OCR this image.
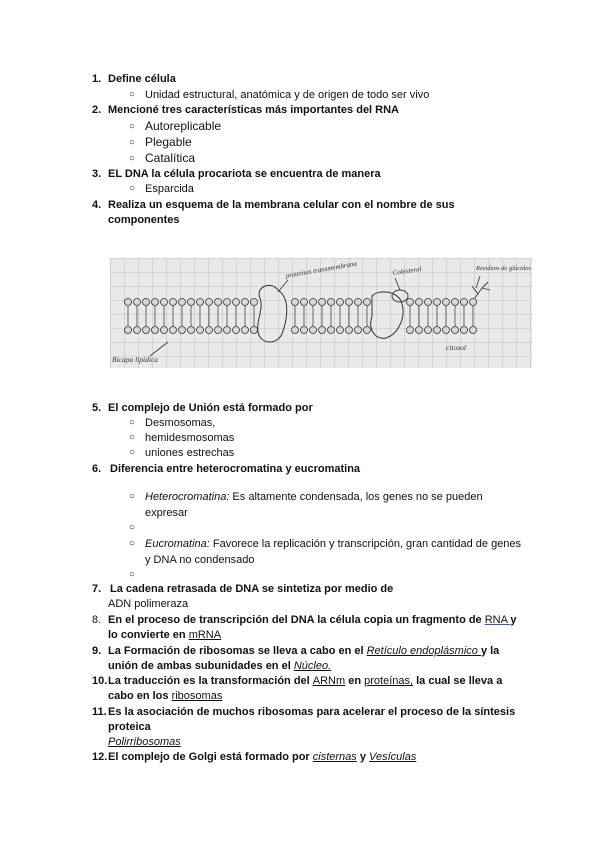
1. Define célula
○ Unidad estructural, anatómica y de origen de todo ser vivo
2. Mencioné tres características más importantes del RNA
○ Autoreplicable
○ Plegable
○ Catalítica
3. EL DNA la célula procariota se encuentra de manera
○ Esparcida
4. Realiza un esquema de la membrana celular con el nombre de sus
componentes
proteínas transmembrana	Colesterol	Residuos de glúcidos
Bicapa lipídica
citosol
5. El complejo de Unión está formado por
○ Desmosomas,
○ hemidesmosomas
○ uniones estrechas
6. Diferencia entre heterocromatina y eucromatina
○ Heterocromatina: Es altamente condensada, los genes no se pueden
expresar
○
○ Eucromatina: Favorece la replicación y transcripción, gran cantidad de genes
y DNA no condensado
○
7. La cadena retrasada de DNA se sintetiza por medio de
ADN polimeraza
8. En el proceso de transcripción del DNA la célula copia un fragmento de RNA y
lo convierte en mRNA
9. La Formación de ribosomas se lleva a cabo en el Retículo endoplásmico y la
unión de ambas subunidades en el Núcleo.
10. La traducción es la transformación del ARNm en proteínas, la cual se lleva a
cabo en los ribosomas
11. Es la asociación de muchos ribosomas para acelerar el proceso de la síntesis
proteica
Polirribosomas
12. El complejo de Golgi está formado por cisternas y Vesículas
